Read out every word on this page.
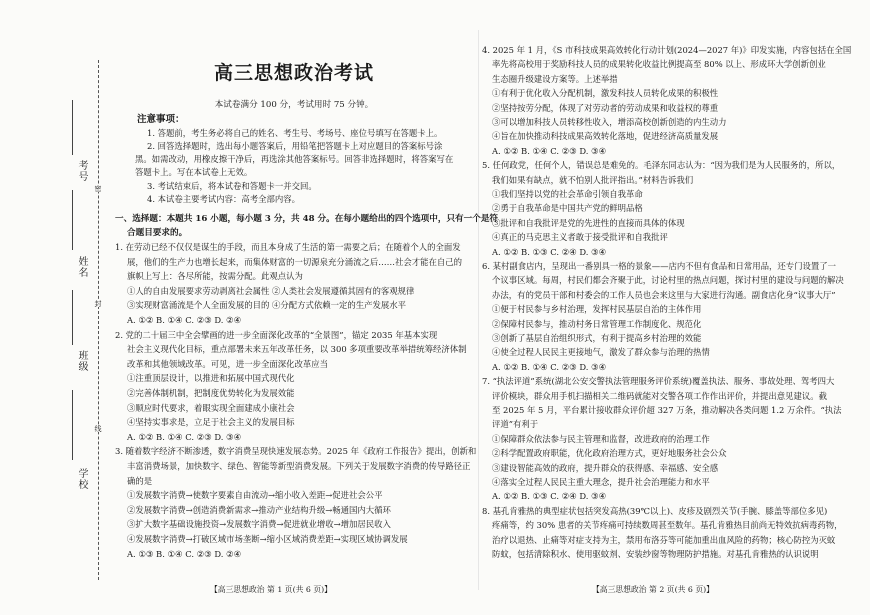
考号
姓名
班级
学校
密
封
线
高三思想政治考试
本试卷满分 100 分，考试用时 75 分钟。
注意事项：
1. 答题前，考生务必将自己的姓名、考生号、考场号、座位号填写在答题卡上。
2. 回答选择题时，选出每小题答案后，用铅笔把答题卡上对应题目的答案标号涂
黑。如需改动，用橡皮擦干净后，再选涂其他答案标号。回答非选择题时，将答案写在
答题卡上。写在本试卷上无效。
3. 考试结束后，将本试卷和答题卡一并交回。
4. 本试卷主要考试内容：高考全部内容。
一、选择题：本题共 16 小题，每小题 3 分，共 48 分。在每小题给出的四个选项中，只有一个是符
合题目要求的。
1. 在劳动已经不仅仅是谋生的手段，而且本身成了生活的第一需要之后；在随着个人的全面发
展，他们的生产力也增长起来，而集体财富的一切源泉充分涌流之后……社会才能在自己的
旗帜上写上：各尽所能，按需分配。此观点认为
①人的自由发展要求劳动剥离社会属性 ②人类社会发展遵循其固有的客观规律
③实现财富涌流是个人全面发展的目的 ④分配方式依赖一定的生产发展水平
A. ①② B. ①④ C. ②③ D. ②④
2. 党的二十届三中全会擘画的进一步全面深化改革的“全景图”，锚定 2035 年基本实现
社会主义现代化目标，重点部署未来五年改革任务，以 300 多项重要改革举措统筹经济体制
改革和其他领域改革。可见，进一步全面深化改革应当
①注重顶层设计，以推进和拓展中国式现代化
②完善体制机制，把制度优势转化为发展效能
③顺应时代要求，着眼实现全面建成小康社会
④坚持实事求是，立足于社会主义的发展目标
A. ①② B. ①④ C. ②③ D. ③④
3. 随着数字经济不断渗透，数字消费呈现快速发展态势。2025 年《政府工作报告》提出，创新和
丰富消费场景，加快数字、绿色、智能等新型消费发展。下列关于发展数字消费的传导路径正
确的是
①发展数字消费→使数字要素自由流动→缩小收入差距→促进社会公平
②发展数字消费→创造消费新需求→推动产业结构升级→畅通国内大循环
③扩大数字基础设施投资→发展数字消费→促进就业增收→增加居民收入
④发展数字消费→打破区域市场垄断→缩小区域消费差距→实现区域协调发展
A. ①③ B. ①④ C. ②③ D. ②④
【高三思想政治 第 1 页(共 6 页)】
4. 2025 年 1 月，《S 市科技成果高效转化行动计划(2024—2027 年)》印发实施，内容包括在全国
率先将高校用于奖励科技人员的成果转化收益比例提高至 80% 以上、形成环大学创新创业
生态圈升级建设方案等。上述举措
①有利于优化收入分配机制，激发科技人员转化成果的积极性
②坚持按劳分配，体现了对劳动者的劳动成果和收益权的尊重
③可以增加科技人员转移性收入，增添高校创新创造的内生动力
④旨在加快推动科技成果高效转化落地，促进经济高质量发展
A. ①② B. ①④ C. ②③ D. ③④
5. 任何政党，任何个人，错误总是难免的。毛泽东同志认为：“因为我们是为人民服务的，所以，
我们如果有缺点，就不怕别人批评指出。”材料告诉我们
①我们坚持以党的社会革命引领自我革命
②勇于自我革命是中国共产党的鲜明品格
③批评和自我批评是党的先进性的直接而具体的体现
④真正的马克思主义者敢于接受批评和自我批评
A. ①② B. ①③ C. ②④ D. ③④
6. 某村副食店内，呈现出一番别具一格的景象——店内不但有食品和日常用品，还专门设置了一
个议事区域。每周，村民们都会齐聚于此，讨论村里的热点问题，探讨村里的建设与问题的解决
办法，有的党员干部和村委会的工作人员也会来这里与大家进行沟通。副食店化身“议事大厅”
①便于村民参与乡村治理，发挥村民基层自治的主体作用
②保障村民参与，推动村务日常管理工作制度化、规范化
③创新了基层自治组织形式，有利于提高乡村治理的效能
④使全过程人民民主更接地气，激发了群众参与治理的热情
A. ①② B. ①④ C. ②③ D. ③④
7. “执法评道”系统(湖北公安交警执法管理服务评价系统)覆盖执法、服务、事故处理、驾考四大
评价模块，群众用手机扫描相关二维码就能对交警各项工作作出评价，并提出意见建议。截
至 2025 年 5 月，平台累计接收群众评价超 327 万条，推动解决各类问题 1.2 万余件。“执法
评道”有利于
①保障群众依法参与民主管理和监督，改进政府的治理工作
②科学配置政府职能，优化政府治理方式，更好地服务社会公众
③建设智能高效的政府，提升群众的获得感、幸福感、安全感
④落实全过程人民民主重大理念，提升社会治理能力和水平
A. ①② B. ①③ C. ②④ D. ③④
8. 基孔肯雅热的典型症状包括突发高热(39℃以上)、皮疹及剧烈关节(手腕、膝盖等部位多见)
疼痛等，约 30% 患者的关节疼痛可持续数周甚至数年。基孔肯雅热目前尚无特效抗病毒药物，
治疗以退热、止痛等对症支持为主，禁用布洛芬等可能加重出血风险的药物；核心防控为灭蚊
防蚊，包括清除积水、使用驱蚊剂、安装纱窗等物理防护措施。对基孔肯雅热的认识说明
【高三思想政治 第 2 页(共 6 页)】
